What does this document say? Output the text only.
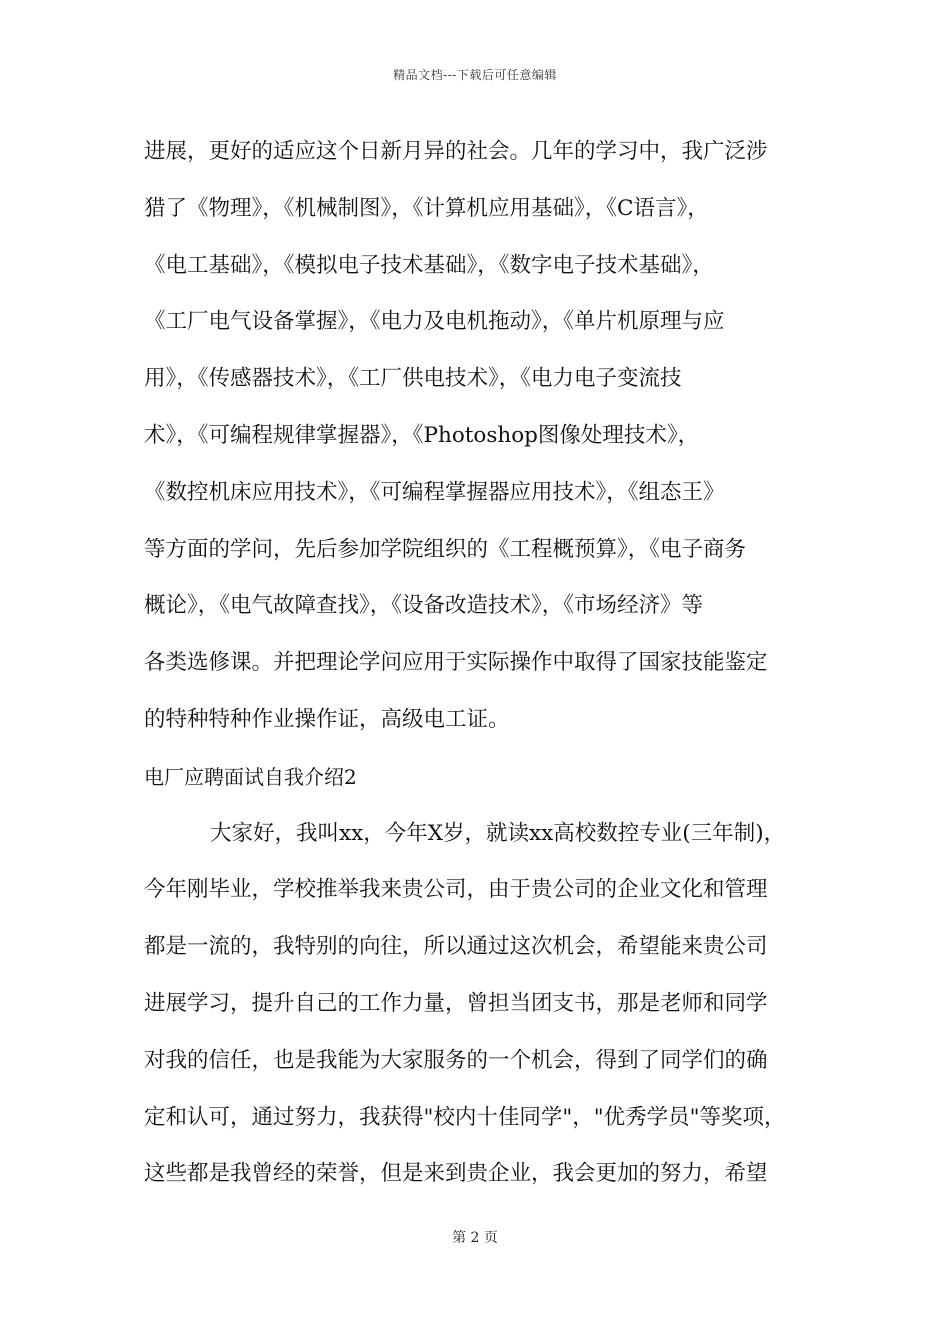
精品文档---下载后可任意编辑
进展，更好的适应这个日新月异的社会。几年的学习中，我广泛涉
猎了《物理》，《机械制图》，《计算机应用基础》，《C语言》，
《电工基础》，《模拟电子技术基础》，《数字电子技术基础》，
《工厂电气设备掌握》，《电力及电机拖动》，《单片机原理与应
用》，《传感器技术》，《工厂供电技术》，《电力电子变流技
术》，《可编程规律掌握器》，《Photoshop图像处理技术》，
《数控机床应用技术》，《可编程掌握器应用技术》，《组态王》
等方面的学问，先后参加学院组织的《工程概预算》，《电子商务
概论》，《电气故障查找》，《设备改造技术》，《市场经济》等
各类选修课。并把理论学问应用于实际操作中取得了国家技能鉴定
的特种特种作业操作证，高级电工证。
电厂应聘面试自我介绍2
大家好，我叫xx，今年X岁，就读xx高校数控专业(三年制)，
今年刚毕业，学校推举我来贵公司，由于贵公司的企业文化和管理
都是一流的，我特别的向往，所以通过这次机会，希望能来贵公司
进展学习，提升自己的工作力量，曾担当团支书，那是老师和同学
对我的信任，也是我能为大家服务的一个机会，得到了同学们的确
定和认可，通过努力，我获得"校内十佳同学"，"优秀学员"等奖项，
这些都是我曾经的荣誉，但是来到贵企业，我会更加的努力，希望
第 2 页
